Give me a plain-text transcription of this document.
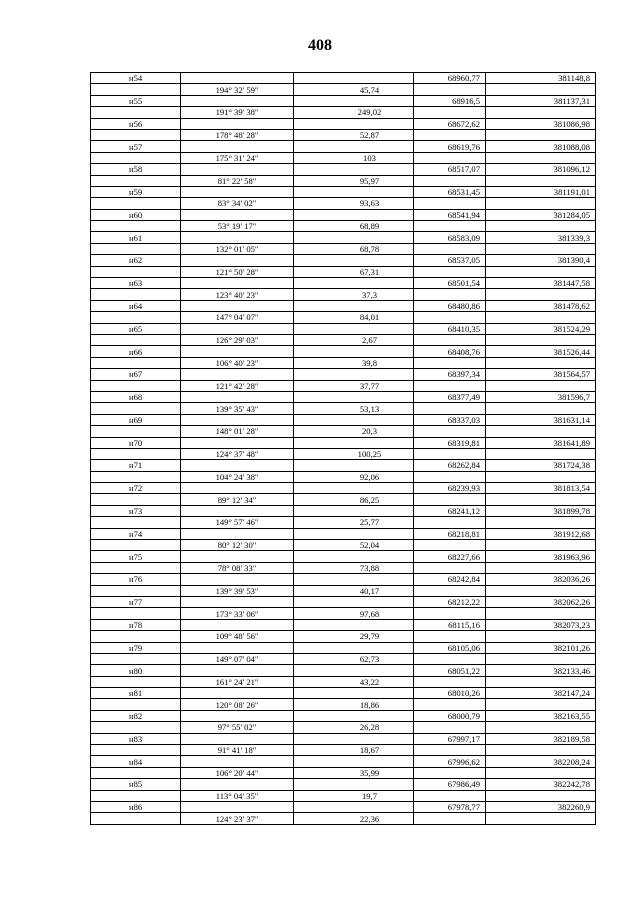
408
н54			68960,77	381148,8
	194° 32' 59"	45,74		
н55			68916,5	381137,31
	191° 39' 38"	249,02		
н56			68672,62	381086,98
	178° 48' 28"	52,87		
н57			68619,76	381088,08
	175° 31' 24"	103		
н58			68517,07	381096,12
	81° 22' 58"	95,97		
н59			68531,45	381191,01
	83° 34' 02"	93,63		
н60			68541,94	381284,05
	53° 19' 17"	68,89		
н61			68583,09	381339,3
	132° 01' 05"	68,78		
н62			68537,05	381390,4
	121° 50' 28"	67,31		
н63			68501,54	381447,58
	123° 40' 23"	37,3		
н64			68480,86	381478,62
	147° 04' 07"	84,01		
н65			68410,35	381524,29
	126° 29' 03"	2,67		
н66			68408,76	381526,44
	106° 40' 23"	39,8		
н67			68397,34	381564,57
	121° 42' 28"	37,77		
н68			68377,49	381596,7
	139° 35' 43"	53,13		
н69			68337,03	381631,14
	148° 01' 28"	20,3		
н70			68319,81	381641,89
	124° 37' 48"	100,25		
н71			68262,84	381724,38
	104° 24' 38"	92,06		
н72			68239,93	381813,54
	89° 12' 34"	86,25		
н73			68241,12	381899,78
	149° 57' 46"	25,77		
н74			68218,81	381912,68
	80° 12' 30"	52,04		
н75			68227,66	381963,96
	78° 08' 33"	73,88		
н76			68242,84	382036,26
	139° 39' 53"	40,17		
н77			68212,22	382062,26
	173° 33' 06"	97,68		
н78			68115,16	382073,23
	109° 48' 56"	29,79		
н79			68105,06	382101,26
	149° 07' 04"	62,73		
н80			68051,22	382133,46
	161° 24' 21"	43,22		
н81			68010,26	382147,24
	120° 08' 26"	18,86		
н82			68000,79	382163,55
	97° 55' 02"	26,28		
н83			67997,17	382189,58
	91° 41' 18"	18,67		
н84			67996,62	382208,24
	106° 20' 44"	35,99		
н85			67986,49	382242,78
	113° 04' 35"	19,7		
н86			67978,77	382260,9
	124° 23' 37"	22,36		
